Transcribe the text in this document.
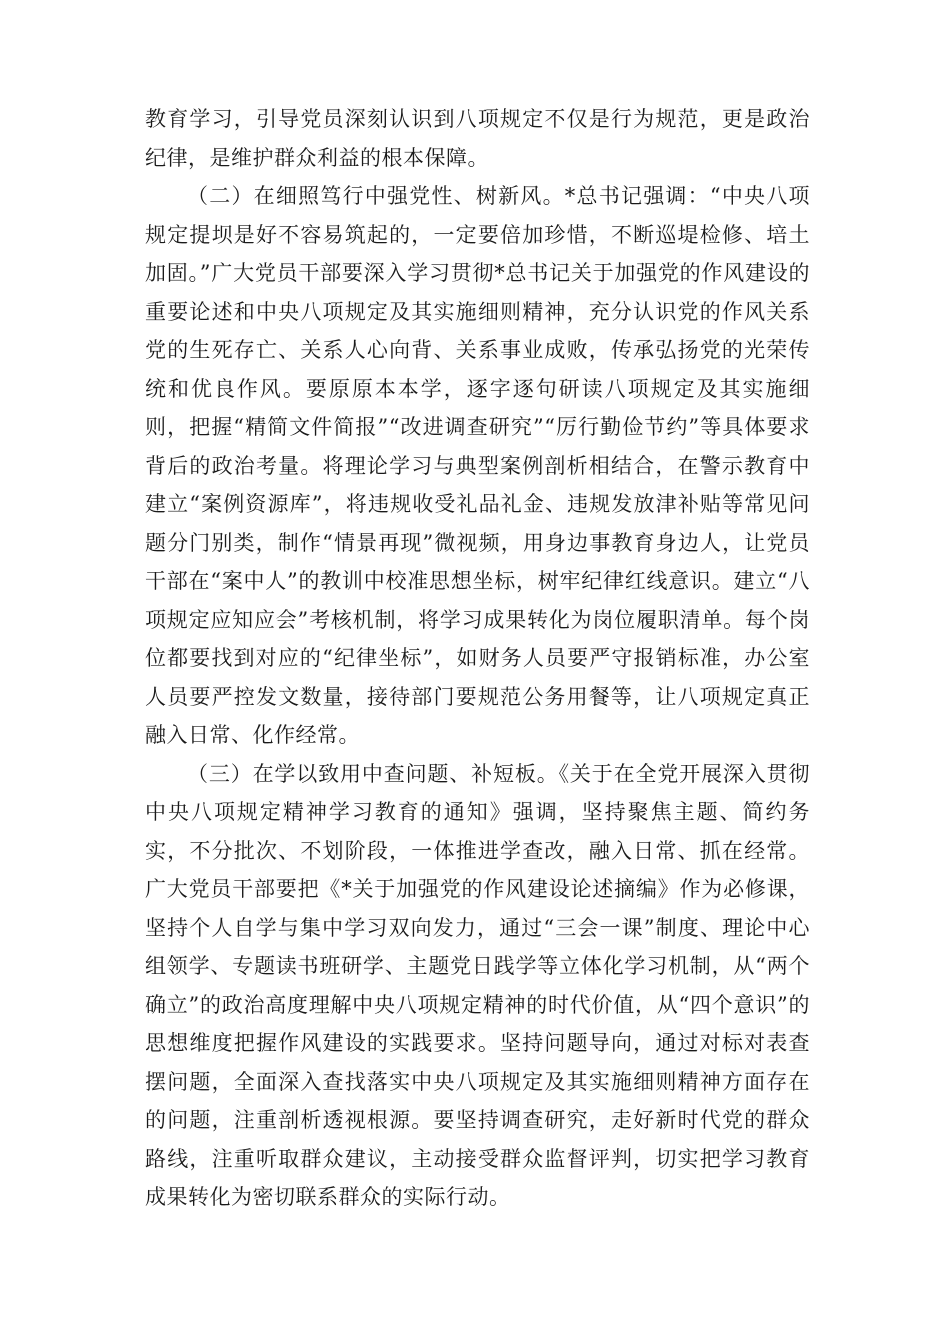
教育学习，引导党员深刻认识到八项规定不仅是行为规范，更是政治纪律，是维护群众利益的根本保障。

（二）在细照笃行中强党性、树新风。*总书记强调：“中央八项规定提坝是好不容易筑起的，一定要倍加珍惜，不断巡堤检修、培土加固。”广大党员干部要深入学习贯彻*总书记关于加强党的作风建设的重要论述和中央八项规定及其实施细则精神，充分认识党的作风关系党的生死存亡、关系人心向背、关系事业成败，传承弘扬党的光荣传统和优良作风。要原原本本学，逐字逐句研读八项规定及其实施细则，把握“精简文件简报”“改进调查研究”“厉行勤俭节约”等具体要求背后的政治考量。将理论学习与典型案例剖析相结合，在警示教育中建立“案例资源库”，将违规收受礼品礼金、违规发放津补贴等常见问题分门别类，制作“情景再现”微视频，用身边事教育身边人，让党员干部在“案中人”的教训中校准思想坐标，树牢纪律红线意识。建立“八项规定应知应会”考核机制，将学习成果转化为岗位履职清单。每个岗位都要找到对应的“纪律坐标”，如财务人员要严守报销标准，办公室人员要严控发文数量，接待部门要规范公务用餐等，让八项规定真正融入日常、化作经常。

（三）在学以致用中查问题、补短板。《关于在全党开展深入贯彻中央八项规定精神学习教育的通知》强调，坚持聚焦主题、简约务实，不分批次、不划阶段，一体推进学查改，融入日常、抓在经常。广大党员干部要把《*关于加强党的作风建设论述摘编》作为必修课，坚持个人自学与集中学习双向发力，通过“三会一课”制度、理论中心组领学、专题读书班研学、主题党日践学等立体化学习机制，从“两个确立”的政治高度理解中央八项规定精神的时代价值，从“四个意识”的思想维度把握作风建设的实践要求。坚持问题导向，通过对标对表查摆问题，全面深入查找落实中央八项规定及其实施细则精神方面存在的问题，注重剖析透视根源。要坚持调查研究，走好新时代党的群众路线，注重听取群众建议，主动接受群众监督评判，切实把学习教育成果转化为密切联系群众的实际行动。
